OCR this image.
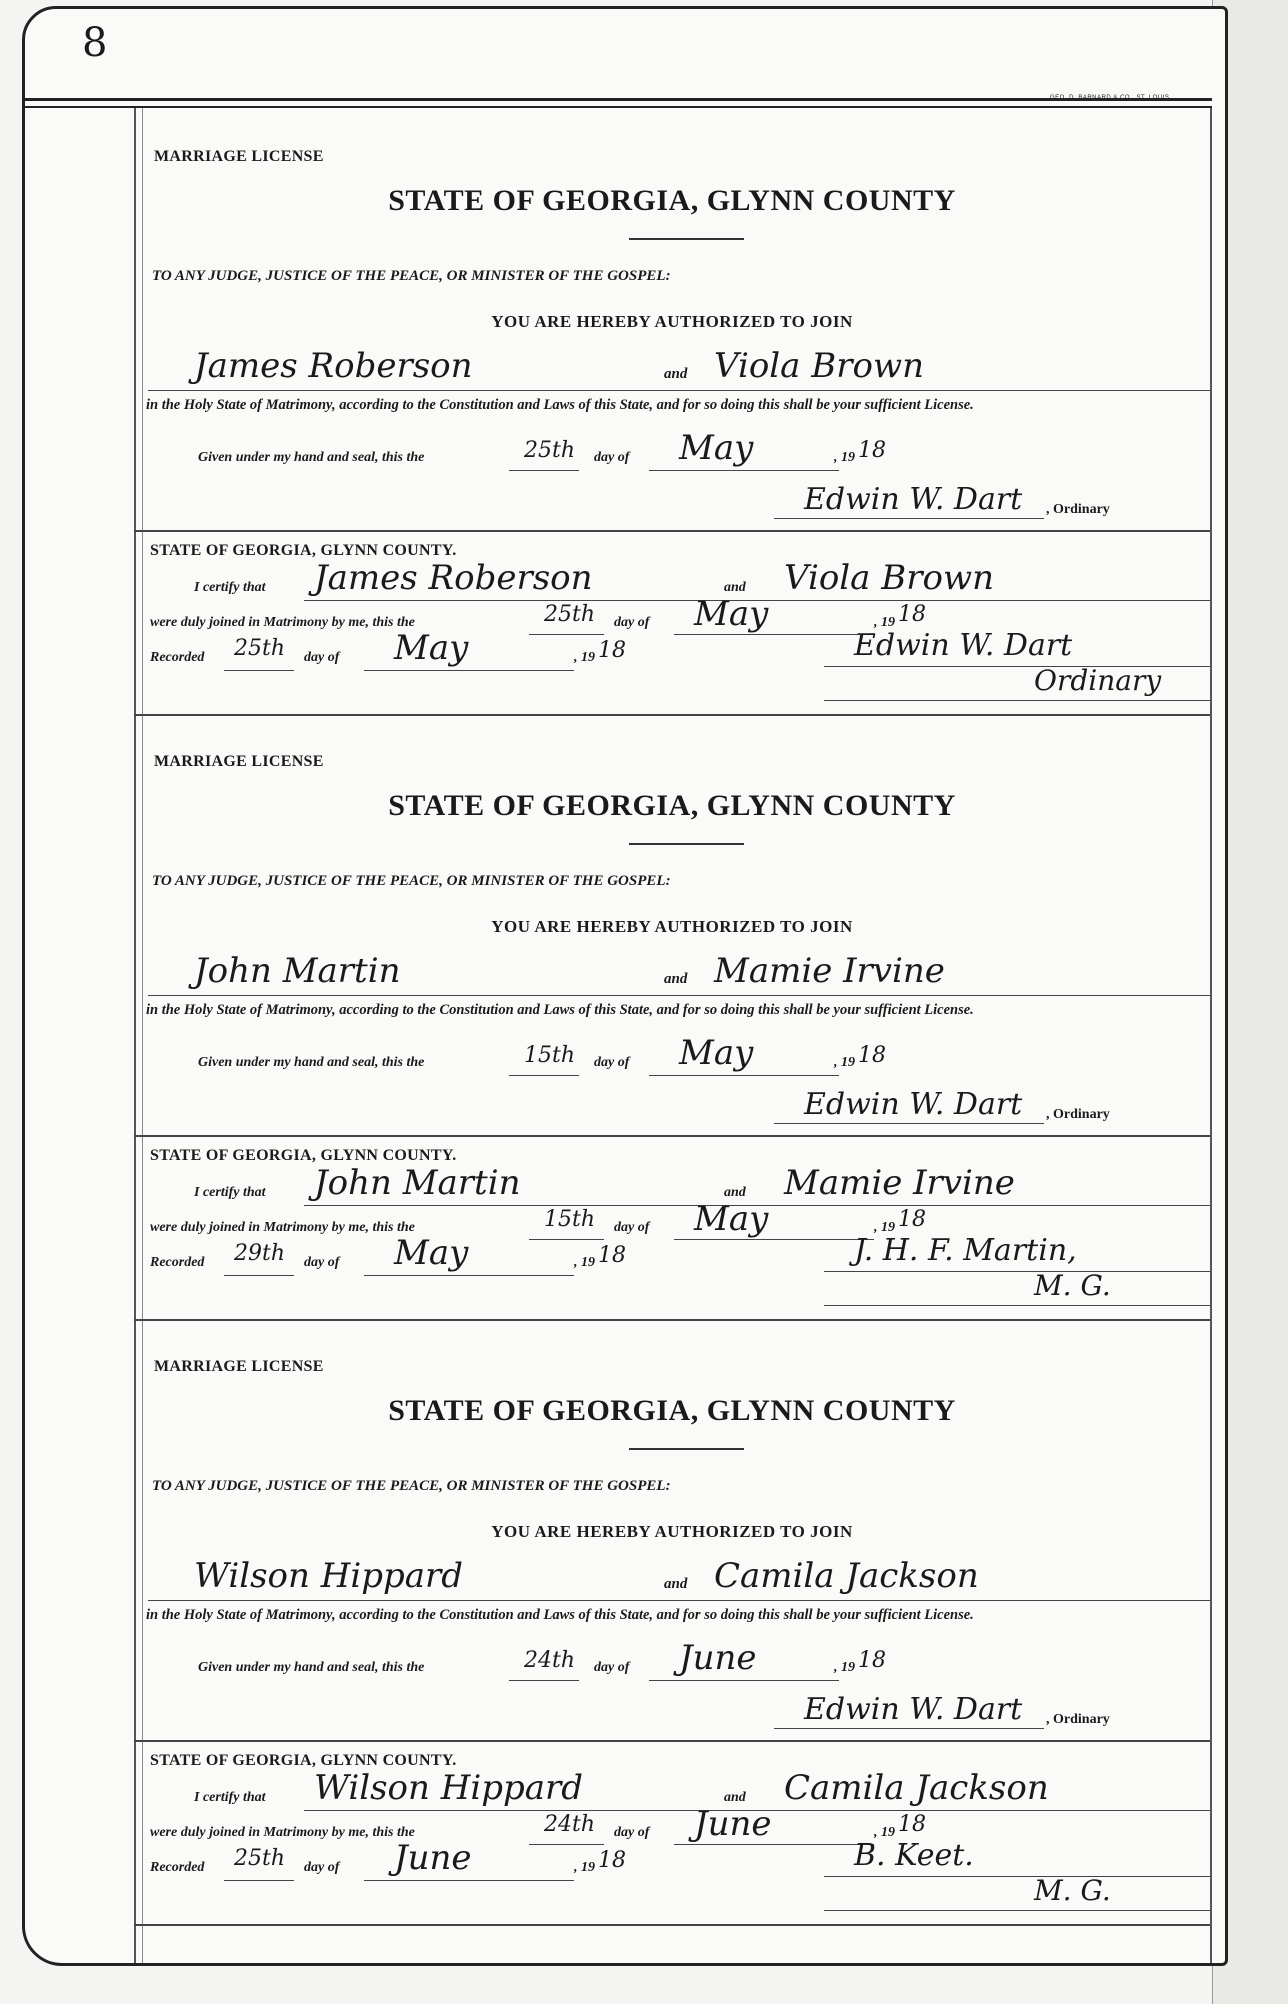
8
GEO. D. BARNARD & CO., ST. LOUIS.
MARRIAGE LICENSE
STATE OF GEORGIA, GLYNN COUNTY
TO ANY JUDGE, JUSTICE OF THE PEACE, OR MINISTER OF THE GOSPEL:
YOU ARE HEREBY AUTHORIZED TO JOIN
James Roberson	and Viola Brown
in the Holy State of Matrimony, according to the Constitution and Laws of this State, and for so doing this shall be your sufficient License.
Given under my hand and seal, this the	25th day of May	, 19 18
Edwin W. Dart , Ordinary
STATE OF GEORGIA, GLYNN COUNTY.
I certify that James Roberson	and Viola Brown
were duly joined in Matrimony by me, this the	25th day of May	, 19 18
Recorded 25th day of May	, 19 18	Edwin W. Dart
Ordinary
MARRIAGE LICENSE
STATE OF GEORGIA, GLYNN COUNTY
TO ANY JUDGE, JUSTICE OF THE PEACE, OR MINISTER OF THE GOSPEL:
YOU ARE HEREBY AUTHORIZED TO JOIN
John Martin	and Mamie Irvine
in the Holy State of Matrimony, according to the Constitution and Laws of this State, and for so doing this shall be your sufficient License.
Given under my hand and seal, this the	15th day of May	, 19 18
Edwin W. Dart , Ordinary
STATE OF GEORGIA, GLYNN COUNTY.
I certify that John Martin	and Mamie Irvine
were duly joined in Matrimony by me, this the	15th day of May	, 19 18
Recorded 29th day of May	, 19 18	J. H. F. Martin,
M. G.
MARRIAGE LICENSE
STATE OF GEORGIA, GLYNN COUNTY
TO ANY JUDGE, JUSTICE OF THE PEACE, OR MINISTER OF THE GOSPEL:
YOU ARE HEREBY AUTHORIZED TO JOIN
Wilson Hippard	and Camila Jackson
in the Holy State of Matrimony, according to the Constitution and Laws of this State, and for so doing this shall be your sufficient License.
Given under my hand and seal, this the	24th day of June	, 19 18
Edwin W. Dart , Ordinary
STATE OF GEORGIA, GLYNN COUNTY.
I certify that Wilson Hippard	and Camila Jackson
were duly joined in Matrimony by me, this the	24th day of June	, 19 18
Recorded 25th day of June	, 19 18	B. Keet.
M. G.
